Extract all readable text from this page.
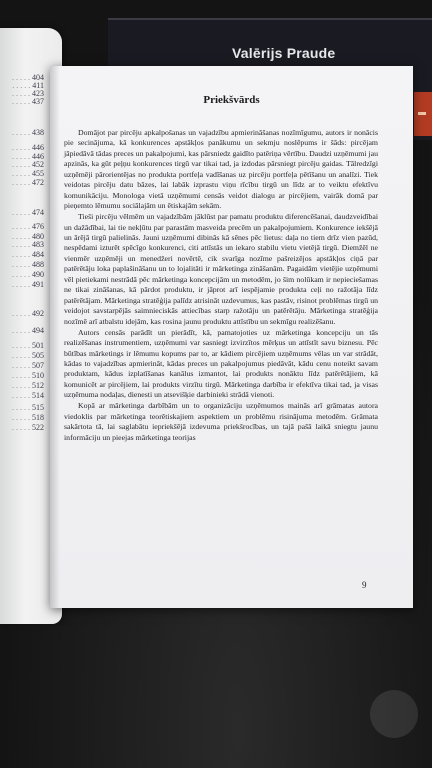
Valērijs Praude
. . . 404
. . . 411
. . . 423
. . . 437
. . . 438
. . . 446
. . . 446
. . . 452
. . . 455
. . . 472
. . . 474
. . . 476
. . . 480
. . . 483
. . . 484
. . . 488
. . . 490
. . . 491
. . . 492
. . . 494
. . . 501
. . . 505
. . . 507
. . . 510
. . . 512
. . . 514
. . . 515
. . . 518
. . . 522
Priekšvārds

Domājot par pircēju apkalpošanas un vajadzību apmierināšanas nozīmīgumu, autors ir nonācis pie secinājuma, kā konkurences apstākļos panākumu un sekmju noslēpums ir šāds: pircējam jāpiedāvā tādas preces un pakalpojumi, kas pārsniedz gaidīto patēriņa vērtību. Daudzi uzņēmumi jau apzinās, ka gūt peļņu konkurences tirgū var tikai tad, ja izdodas pārsniegt pircēju gaidas. Tālredzīgi uzņēmēji pārorientējas no produkta portfeļa vadīšanas uz pircēju portfeļa pētīšanu un analīzi. Tiek veidotas pircēju datu bāzes, lai labāk izprastu viņu rīcību tirgū un līdz ar to veiktu efektīvu komunikāciju. Monologa vietā uzņēmumi censās veidot dialogu ar pircējiem, vairāk domā par pieņemto lēmumu sociālajām un ētiskajām sekām.

Tieši pircēju vēlmēm un vajadzībām jāklūst par pamatu produktu diferencēšanai, daudzveidībai un dažādībai, lai tie nekļūtu par parastām masveida precēm un pakalpojumiem. Konkurence iekšējā un ārējā tirgū palielinās. Jauni uzņēmumi dibinās kā sēnes pēc lietus: daļa no tiem drīz vien pazūd, nespēdami izturēt spēcīgo konkurenci, citi attīstās un iekaro stabilu vietu vietējā tirgū. Diemžēl ne vienmēr uzņēmēji un menedžeri novērtē, cik svarīga nozīme pašreizējos apstākļos ciņā par patērētāju loka paplašināšanu un to lojalitāti ir mārketinga zināšanām. Pagaidām vietējie uzņēmumi vēl pietiekami nestrādā pēc mārketinga koncepcijām un metodēm, jo šim nolūkam ir nepieciešamas ne tikai zināšanas, kā pārdot produktu, ir jāprot arī iespējamie produkta ceļi no ražotāja līdz patērētājam. Mārketinga stratēģija palīdz atrisināt uzdevumus, kas pastāv, risinot problēmas tirgū un veidojot savstarpējās saimnieciskās attiecības starp ražotāju un patērētāju. Mārketinga stratēģija nozīmē arī atbalstu idejām, kas rosina jaunu produktu attīstību un sekmīgu realizēšanu.

Autors censās parādīt un pierādīt, kā, pamatojoties uz mārketinga koncepciju un tās realizēšanas instrumentiem, uzņēmumi var sasniegt izvirzītos mērķus un attīstīt savu biznesu. Pēc būtības mārketings ir lēmumu kopums par to, ar kādiem pircējiem uzņēmums vēlas un var strādāt, kādas to vajadzības apmierināt, kādas preces un pakalpojumus piedāvāt, kādu cenu noteikt savam produktam, kādus izplatīšanas kanālus izmantot, lai produkts nonāktu līdz patērētājiem, kā komunicēt ar pircējiem, lai produkts virzītu tirgū. Mārketinga darbība ir efektīva tikai tad, ja visas uzņēmuma nodaļas, dienesti un atsevišķie darbinieki strādā vienoti.

Kopā ar mārketinga darbībām un to organizāciju uzņēmumos mainās arī grāmatas autora viedoklis par mārketinga teorētiskajiem aspektiem un problēmu risinājuma metodēm. Grāmata sakārtota tā, lai saglabātu iepriekšējā izdevuma priekšrocības, un tajā pašā laikā sniegtu jaunu informāciju un pieejas mārketinga teorijas

9
